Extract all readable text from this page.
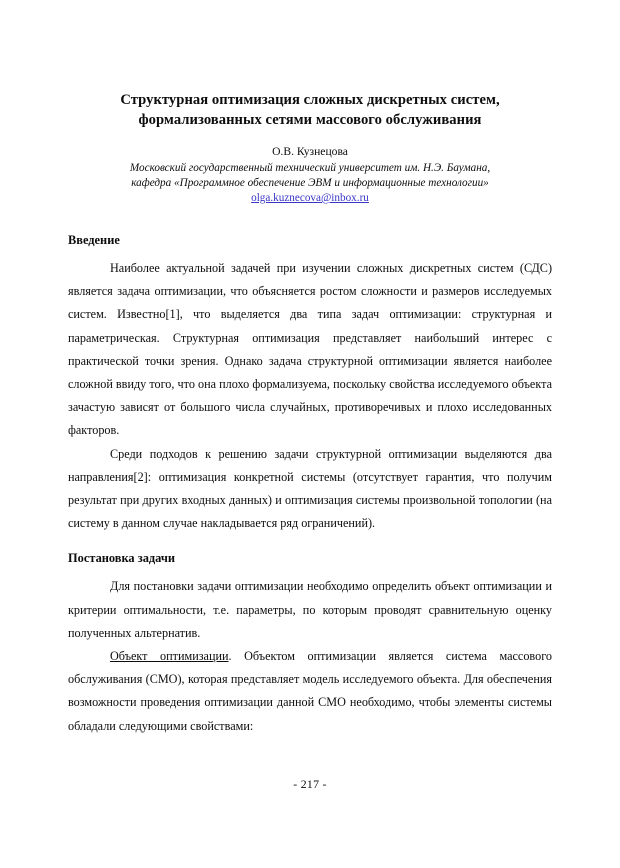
Структурная оптимизация сложных дискретных систем,
формализованных сетями массового обслуживания

О.В. Кузнецова

Московский государственный технический университет им. Н.Э. Баумана,
кафедра «Программное обеспечение ЭВМ и информационные технологии»

olga.kuznecova@inbox.ru
Введение

Наиболее актуальной задачей при изучении сложных дискретных систем (СДС) является задача оптимизации, что объясняется ростом сложности и размеров исследуемых систем. Известно[1], что выделяется два типа задач оптимизации: структурная и параметрическая. Структурная оптимизация представляет наибольший интерес с практической точки зрения. Однако задача структурной оптимизации является наиболее сложной ввиду того, что она плохо формализуема, поскольку свойства исследуемого объекта зачастую зависят от большого числа случайных, противоречивых и плохо исследованных факторов.

Среди подходов к решению задачи структурной оптимизации выделяются два направления[2]: оптимизация конкретной системы (отсутствует гарантия, что получим результат при других входных данных) и оптимизация системы произвольной топологии (на систему в данном случае накладывается ряд ограничений).

Постановка задачи

Для постановки задачи оптимизации необходимо определить объект оптимизации и критерии оптимальности, т.е. параметры, по которым проводят сравнительную оценку полученных альтернатив.

Объект оптимизации. Объектом оптимизации является система массового обслуживания (СМО), которая представляет модель исследуемого объекта. Для обеспечения возможности проведения оптимизации данной СМО необходимо, чтобы элементы системы обладали следующими свойствами:

- 217 -
